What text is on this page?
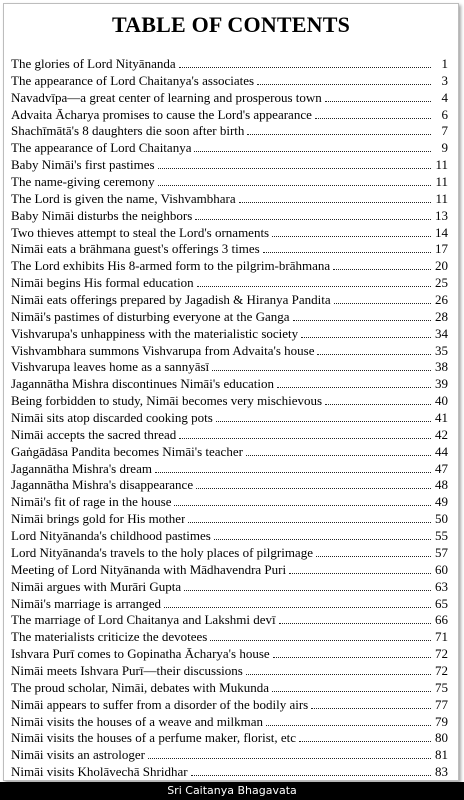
TABLE OF CONTENTS
The glories of Lord Nityānanda	1
The appearance of Lord Chaitanya's associates	3
Navadvīpa—a great center of learning and prosperous town	4
Advaita Ācharya promises to cause the Lord's appearance	6
Shachīmātā's 8 daughters die soon after birth	7
The appearance of Lord Chaitanya	9
Baby Nimāi's first pastimes	11
The name-giving ceremony	11
The Lord is given the name, Vishvambhara	11
Baby Nimāi disturbs the neighbors	13
Two thieves attempt to steal the Lord's ornaments	14
Nimāi eats a brāhmana guest's offerings 3 times	17
The Lord exhibits His 8-armed form to the pilgrim-brāhmana	20
Nimāi begins His formal education	25
Nimāi eats offerings prepared by Jagadish & Hiranya Pandita	26
Nimāi's pastimes of disturbing everyone at the Ganga	28
Vishvarupa's unhappiness with the materialistic society	34
Vishvambhara summons Vishvarupa from Advaita's house	35
Vishvarupa leaves home as a sannyāsī	38
Jagannātha Mishra discontinues Nimāi's education	39
Being forbidden to study, Nimāi becomes very mischievous	40
Nimāi sits atop discarded cooking pots	41
Nimāi accepts the sacred thread	42
Gaṅgādāsa Pandita becomes Nimāi's teacher	44
Jagannātha Mishra's dream	47
Jagannātha Mishra's disappearance	48
Nimāi's fit of rage in the house	49
Nimāi brings gold for His mother	50
Lord Nityānanda's childhood pastimes	55
Lord Nityānanda's travels to the holy places of pilgrimage	57
Meeting of Lord Nityānanda with Mādhavendra Puri	60
Nimāi argues with Murāri Gupta	63
Nimāi's marriage is arranged	65
The marriage of Lord Chaitanya and Lakshmi devī	66
The materialists criticize the devotees	71
Ishvara Purī comes to Gopinatha Ācharya's house	72
Nimāi meets Ishvara Purī—their discussions	72
The proud scholar, Nimāi, debates with Mukunda	75
Nimāi appears to suffer from a disorder of the bodily airs	77
Nimāi visits the houses of a weave and milkman	79
Nimāi visits the houses of a perfume maker, florist, etc	80
Nimāi visits an astrologer	81
Nimāi visits Kholāvechā Shridhar	83
Sri Caitanya Bhagavata
